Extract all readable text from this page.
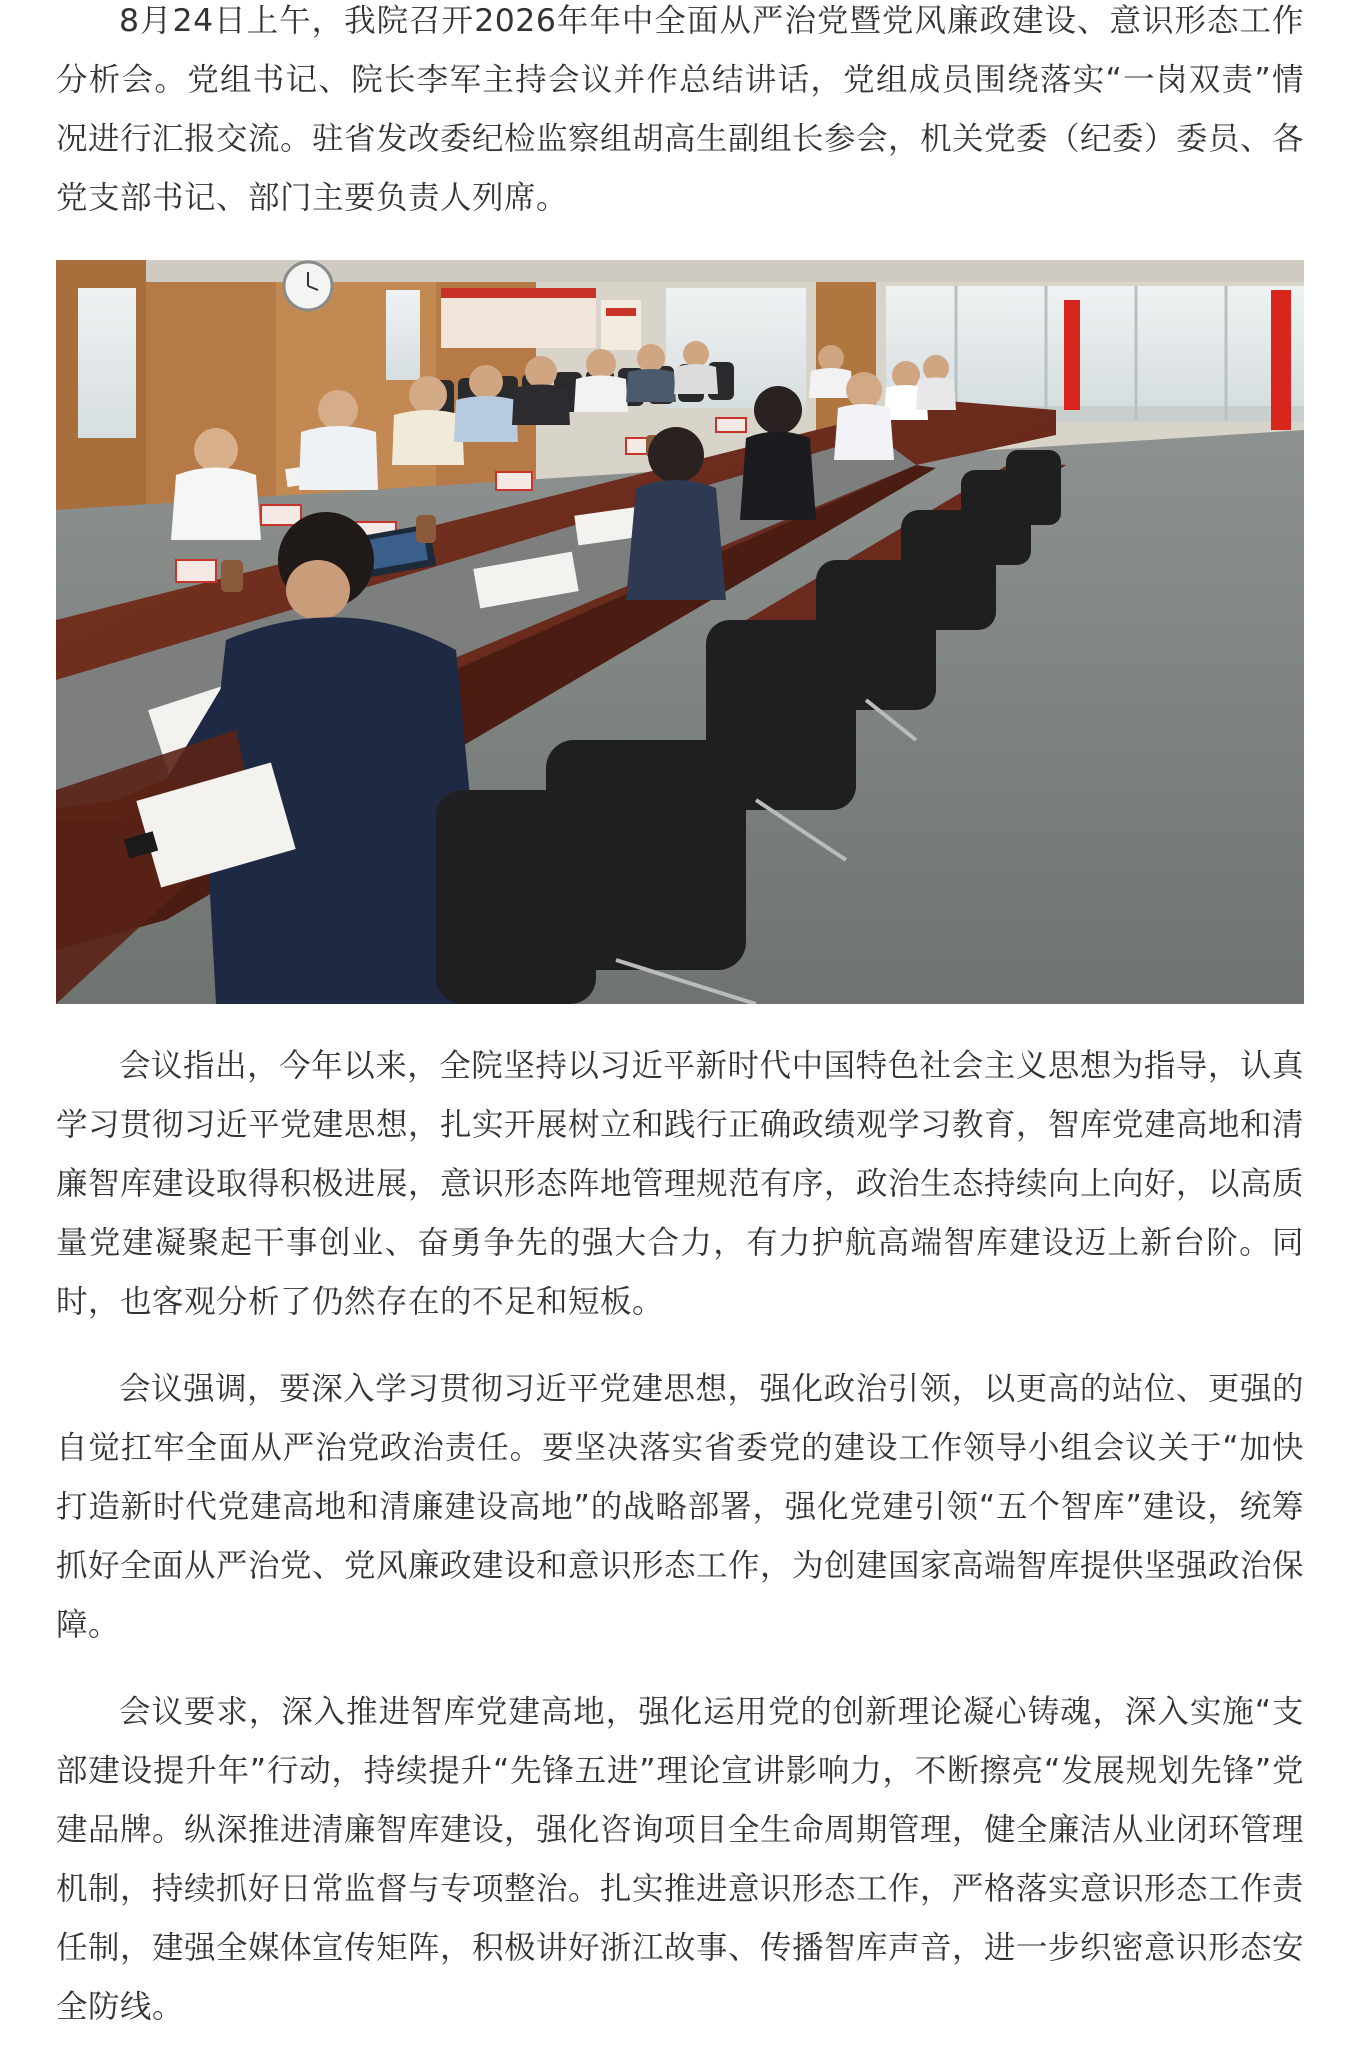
8月24日上午，我院召开2026年年中全面从严治党暨党风廉政建设、意识形态工作分析会。党组书记、院长李军主持会议并作总结讲话，党组成员围绕落实“一岗双责”情况进行汇报交流。驻省发改委纪检监察组胡高生副组长参会，机关党委（纪委）委员、各党支部书记、部门主要负责人列席。

会议指出，今年以来，全院坚持以习近平新时代中国特色社会主义思想为指导，认真学习贯彻习近平党建思想，扎实开展树立和践行正确政绩观学习教育，智库党建高地和清廉智库建设取得积极进展，意识形态阵地管理规范有序，政治生态持续向上向好，以高质量党建凝聚起干事创业、奋勇争先的强大合力，有力护航高端智库建设迈上新台阶。同时，也客观分析了仍然存在的不足和短板。

会议强调，要深入学习贯彻习近平党建思想，强化政治引领，以更高的站位、更强的自觉扛牢全面从严治党政治责任。要坚决落实省委党的建设工作领导小组会议关于“加快打造新时代党建高地和清廉建设高地”的战略部署，强化党建引领“五个智库”建设，统筹抓好全面从严治党、党风廉政建设和意识形态工作，为创建国家高端智库提供坚强政治保障。

会议要求，深入推进智库党建高地，强化运用党的创新理论凝心铸魂，深入实施“支部建设提升年”行动，持续提升“先锋五进”理论宣讲影响力，不断擦亮“发展规划先锋”党建品牌。纵深推进清廉智库建设，强化咨询项目全生命周期管理，健全廉洁从业闭环管理机制，持续抓好日常监督与专项整治。扎实推进意识形态工作，严格落实意识形态工作责任制，建强全媒体宣传矩阵，积极讲好浙江故事、传播智库声音，进一步织密意识形态安全防线。
